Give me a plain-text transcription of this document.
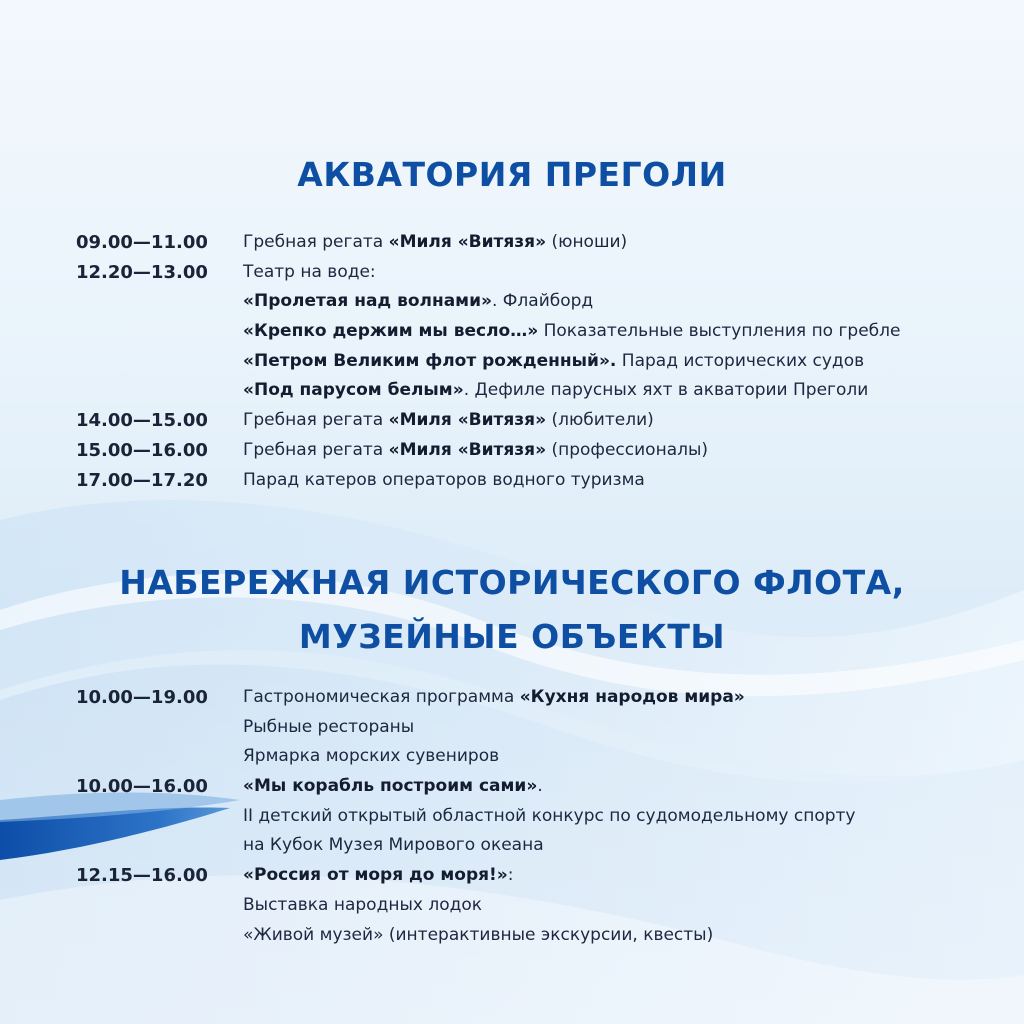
АКВАТОРИЯ ПРЕГОЛИ
09.00—11.00	Гребная регата «Миля «Витязя» (юноши)
12.20—13.00	Театр на воде:
«Пролетая над волнами». Флайборд
«Крепко держим мы весло…» Показательные выступления по гребле
«Петром Великим флот рожденный». Парад исторических судов
«Под парусом белым». Дефиле парусных яхт в акватории Преголи
14.00—15.00	Гребная регата «Миля «Витязя» (любители)
15.00—16.00	Гребная регата «Миля «Витязя» (профессионалы)
17.00—17.20	Парад катеров операторов водного туризма
НАБЕРЕЖНАЯ ИСТОРИЧЕСКОГО ФЛОТА,
МУЗЕЙНЫЕ ОБЪЕКТЫ
10.00—19.00	Гастрономическая программа «Кухня народов мира»
Рыбные рестораны
Ярмарка морских сувениров
10.00—16.00	«Мы корабль построим сами».
II детский открытый областной конкурс по судомодельному спорту
на Кубок Музея Мирового океана
12.15—16.00	«Россия от моря до моря!»:
Выставка народных лодок
«Живой музей» (интерактивные экскурсии, квесты)
